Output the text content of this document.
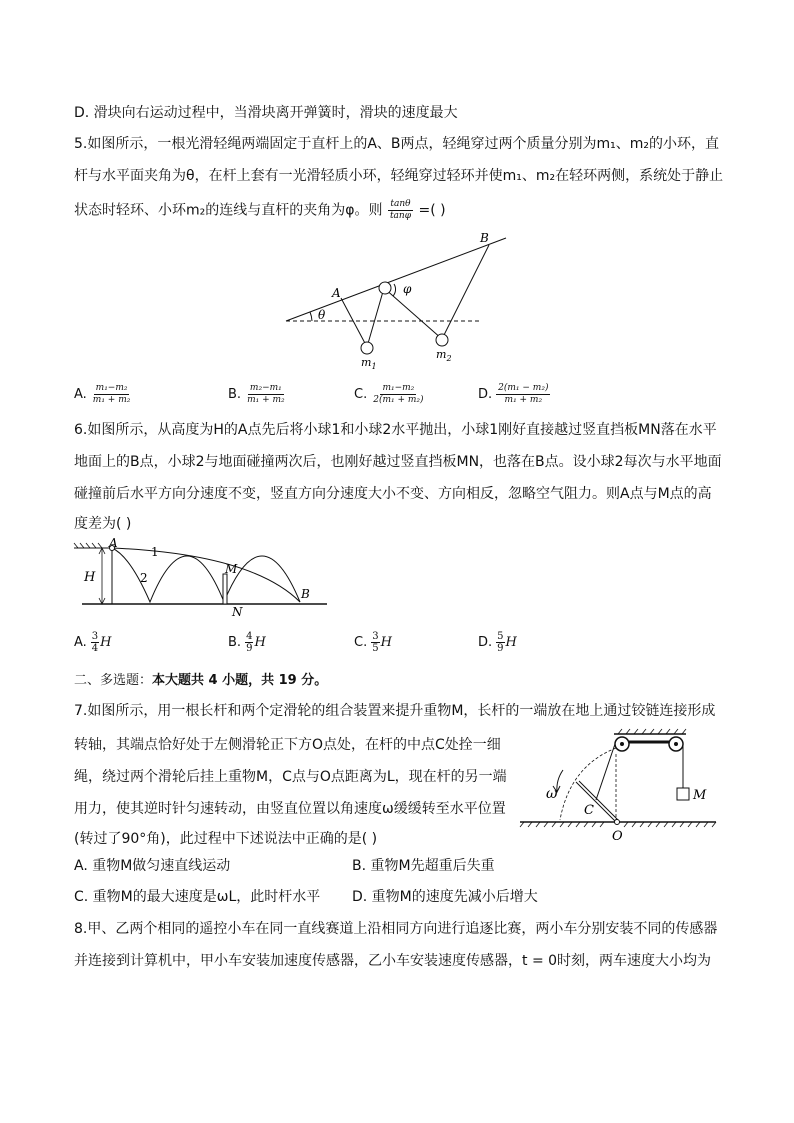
D. 滑块向右运动过程中，当滑块离开弹簧时，滑块的速度最大
5.如图所示，一根光滑轻绳两端固定于直杆上的A、B两点，轻绳穿过两个质量分别为m₁、m₂的小环，直
杆与水平面夹角为θ，在杆上套有一光滑轻质小环，轻绳穿过轻环并使m₁、m₂在轻环两侧，系统处于静止
状态时轻环、小环m₂的连线与直杆的夹角为φ。则 $\frac{\tan\theta}{\tan\varphi}$ =( )
A
B
θ
φ
$m_1$
$m_2$
A. $\frac{\text{m₁−m₂}}{\text{m₁ + m₂}}$	B. $\frac{\text{m₂−m₁}}{\text{m₁ + m₂}}$	C. $\frac{\text{m₁−m₂}}{\text{2(m₁ + m₂)}}$	D. $\frac{\text{2(m₁ − m₂)}}{\text{m₁ + m₂}}$
6.如图所示，从高度为H的A点先后将小球1和小球2水平抛出，小球1刚好直接越过竖直挡板MN落在水平
地面上的B点，小球2与地面碰撞两次后，也刚好越过竖直挡板MN，也落在B点。设小球2每次与水平地面
碰撞前后水平方向分速度不变，竖直方向分速度大小不变、方向相反，忽略空气阻力。则A点与M点的高
度差为( )
A
H
1
2
M
N
B
A. $\frac{3}{4}$ H	B. $\frac{4}{9}$ H	C. $\frac{3}{5}$ H	D. $\frac{5}{9}$ H
二、多选题：本大题共 4 小题，共 19 分。
7.如图所示，用一根长杆和两个定滑轮的组合装置来提升重物M，长杆的一端放在地上通过铰链连接形成
转轴，其端点恰好处于左侧滑轮正下方O点处，在杆的中点C处拴一细
绳，绕过两个滑轮后挂上重物M，C点与O点距离为L，现在杆的另一端
用力，使其逆时针匀速转动，由竖直位置以角速度ω缓缓转至水平位置
(转过了90°角)，此过程中下述说法中正确的是( )
ω
C
O
M
A. 重物M做匀速直线运动	B. 重物M先超重后失重
C. 重物M的最大速度是ωL，此时杆水平 D. 重物M的速度先减小后增大
8.甲、乙两个相同的遥控小车在同一直线赛道上沿相同方向进行追逐比赛，两小车分别安装不同的传感器
并连接到计算机中，甲小车安装加速度传感器，乙小车安装速度传感器，t = 0时刻，两车速度大小均为
